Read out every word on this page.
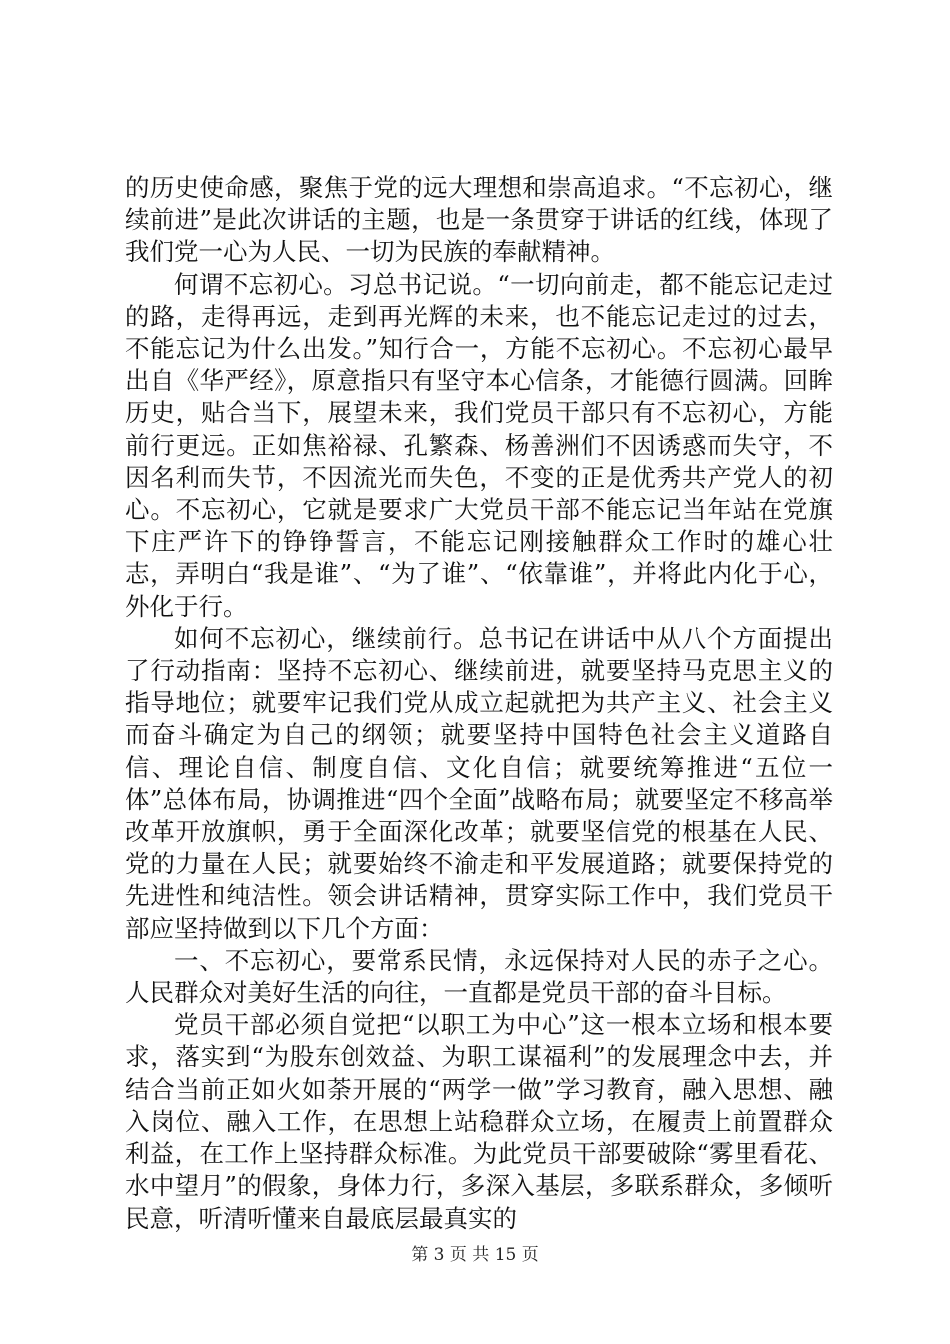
的历史使命感，聚焦于党的远大理想和崇高追求。“不忘初心，继续前进”是此次讲话的主题，也是一条贯穿于讲话的红线，体现了我们党一心为人民、一切为民族的奉献精神。

何谓不忘初心。习总书记说。“一切向前走，都不能忘记走过的路，走得再远，走到再光辉的未来，也不能忘记走过的过去，不能忘记为什么出发。”知行合一，方能不忘初心。不忘初心最早出自《华严经》，原意指只有坚守本心信条，才能德行圆满。回眸历史，贴合当下，展望未来，我们党员干部只有不忘初心，方能前行更远。正如焦裕禄、孔繁森、杨善洲们不因诱惑而失守，不因名利而失节，不因流光而失色，不变的正是优秀共产党人的初心。不忘初心，它就是要求广大党员干部不能忘记当年站在党旗下庄严许下的铮铮誓言，不能忘记刚接触群众工作时的雄心壮志，弄明白“我是谁”、“为了谁”、“依靠谁”，并将此内化于心，外化于行。

如何不忘初心，继续前行。总书记在讲话中从八个方面提出了行动指南：坚持不忘初心、继续前进，就要坚持马克思主义的指导地位；就要牢记我们党从成立起就把为共产主义、社会主义而奋斗确定为自己的纲领；就要坚持中国特色社会主义道路自信、理论自信、制度自信、文化自信；就要统筹推进“五位一体”总体布局，协调推进“四个全面”战略布局；就要坚定不移高举改革开放旗帜，勇于全面深化改革；就要坚信党的根基在人民、党的力量在人民；就要始终不渝走和平发展道路；就要保持党的先进性和纯洁性。领会讲话精神，贯穿实际工作中，我们党员干部应坚持做到以下几个方面：

一、不忘初心，要常系民情，永远保持对人民的赤子之心。人民群众对美好生活的向往，一直都是党员干部的奋斗目标。

党员干部必须自觉把“以职工为中心”这一根本立场和根本要求，落实到“为股东创效益、为职工谋福利”的发展理念中去，并结合当前正如火如荼开展的“两学一做”学习教育，融入思想、融入岗位、融入工作，在思想上站稳群众立场，在履责上前置群众利益，在工作上坚持群众标准。为此党员干部要破除“雾里看花、水中望月”的假象，身体力行，多深入基层，多联系群众，多倾听民意，听清听懂来自最底层最真实的

第 3 页 共 15 页
